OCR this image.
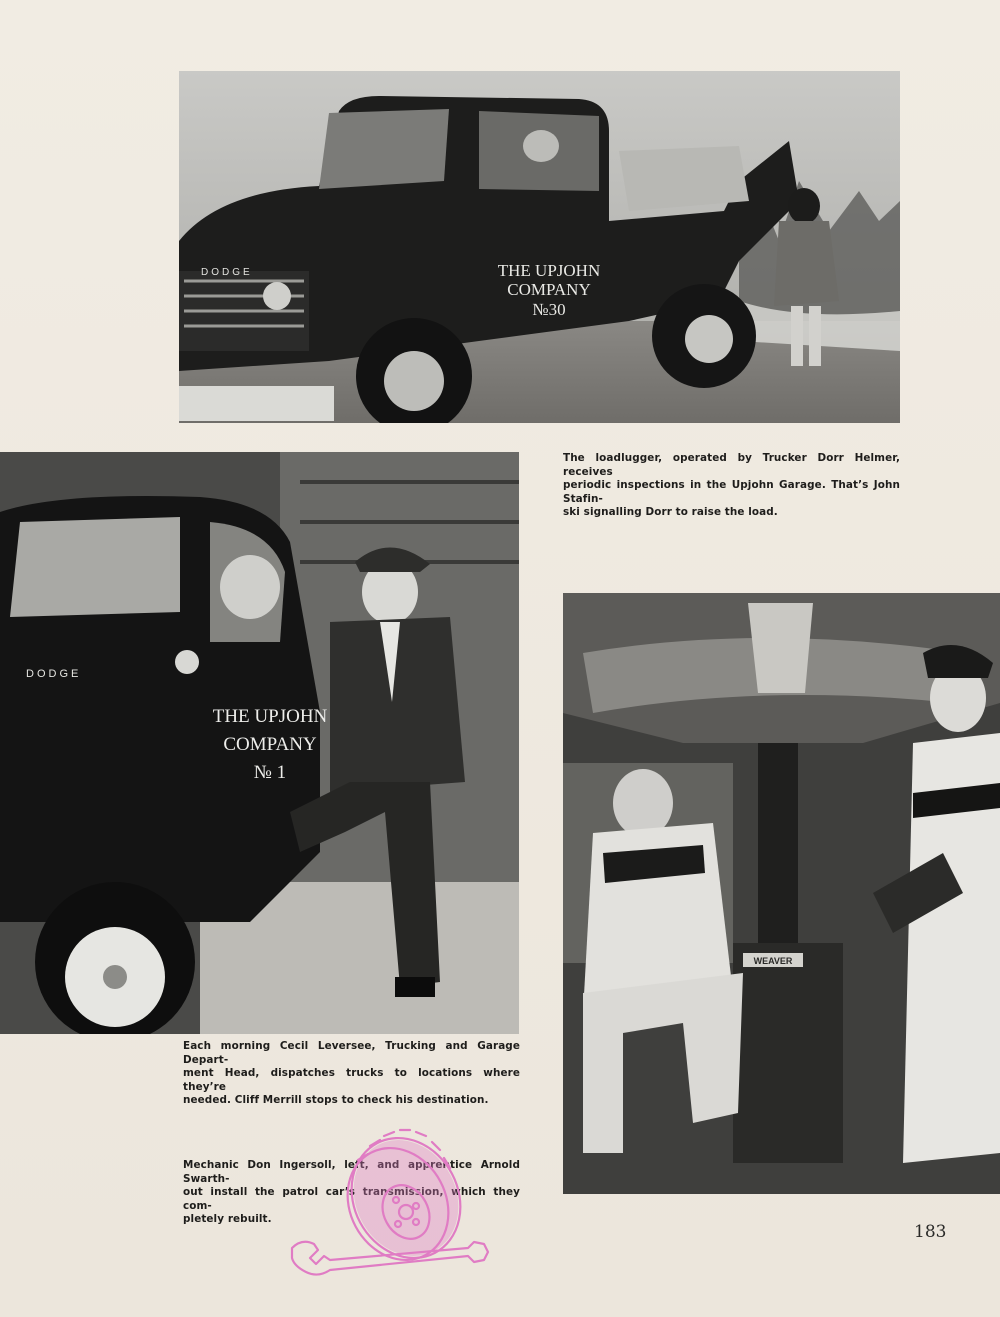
THE UPJOHN
COMPANY
№30
DODGE

The loadlugger, operated by Trucker Dorr Helmer, receives
periodic inspections in the Upjohn Garage. That’s John Stafin-
ski signalling Dorr to raise the load.

THE UPJOHN
COMPANY
№ 1
DODGE

Each morning Cecil Leversee, Trucking and Garage Depart-
ment Head, dispatches trucks to locations where they’re
needed. Cliff Merrill stops to check his destination.

WEAVER

Mechanic Don Ingersoll, left, and apprentice Arnold Swarth-
out install the patrol car’s transmission, which they com-
pletely rebuilt.

183
